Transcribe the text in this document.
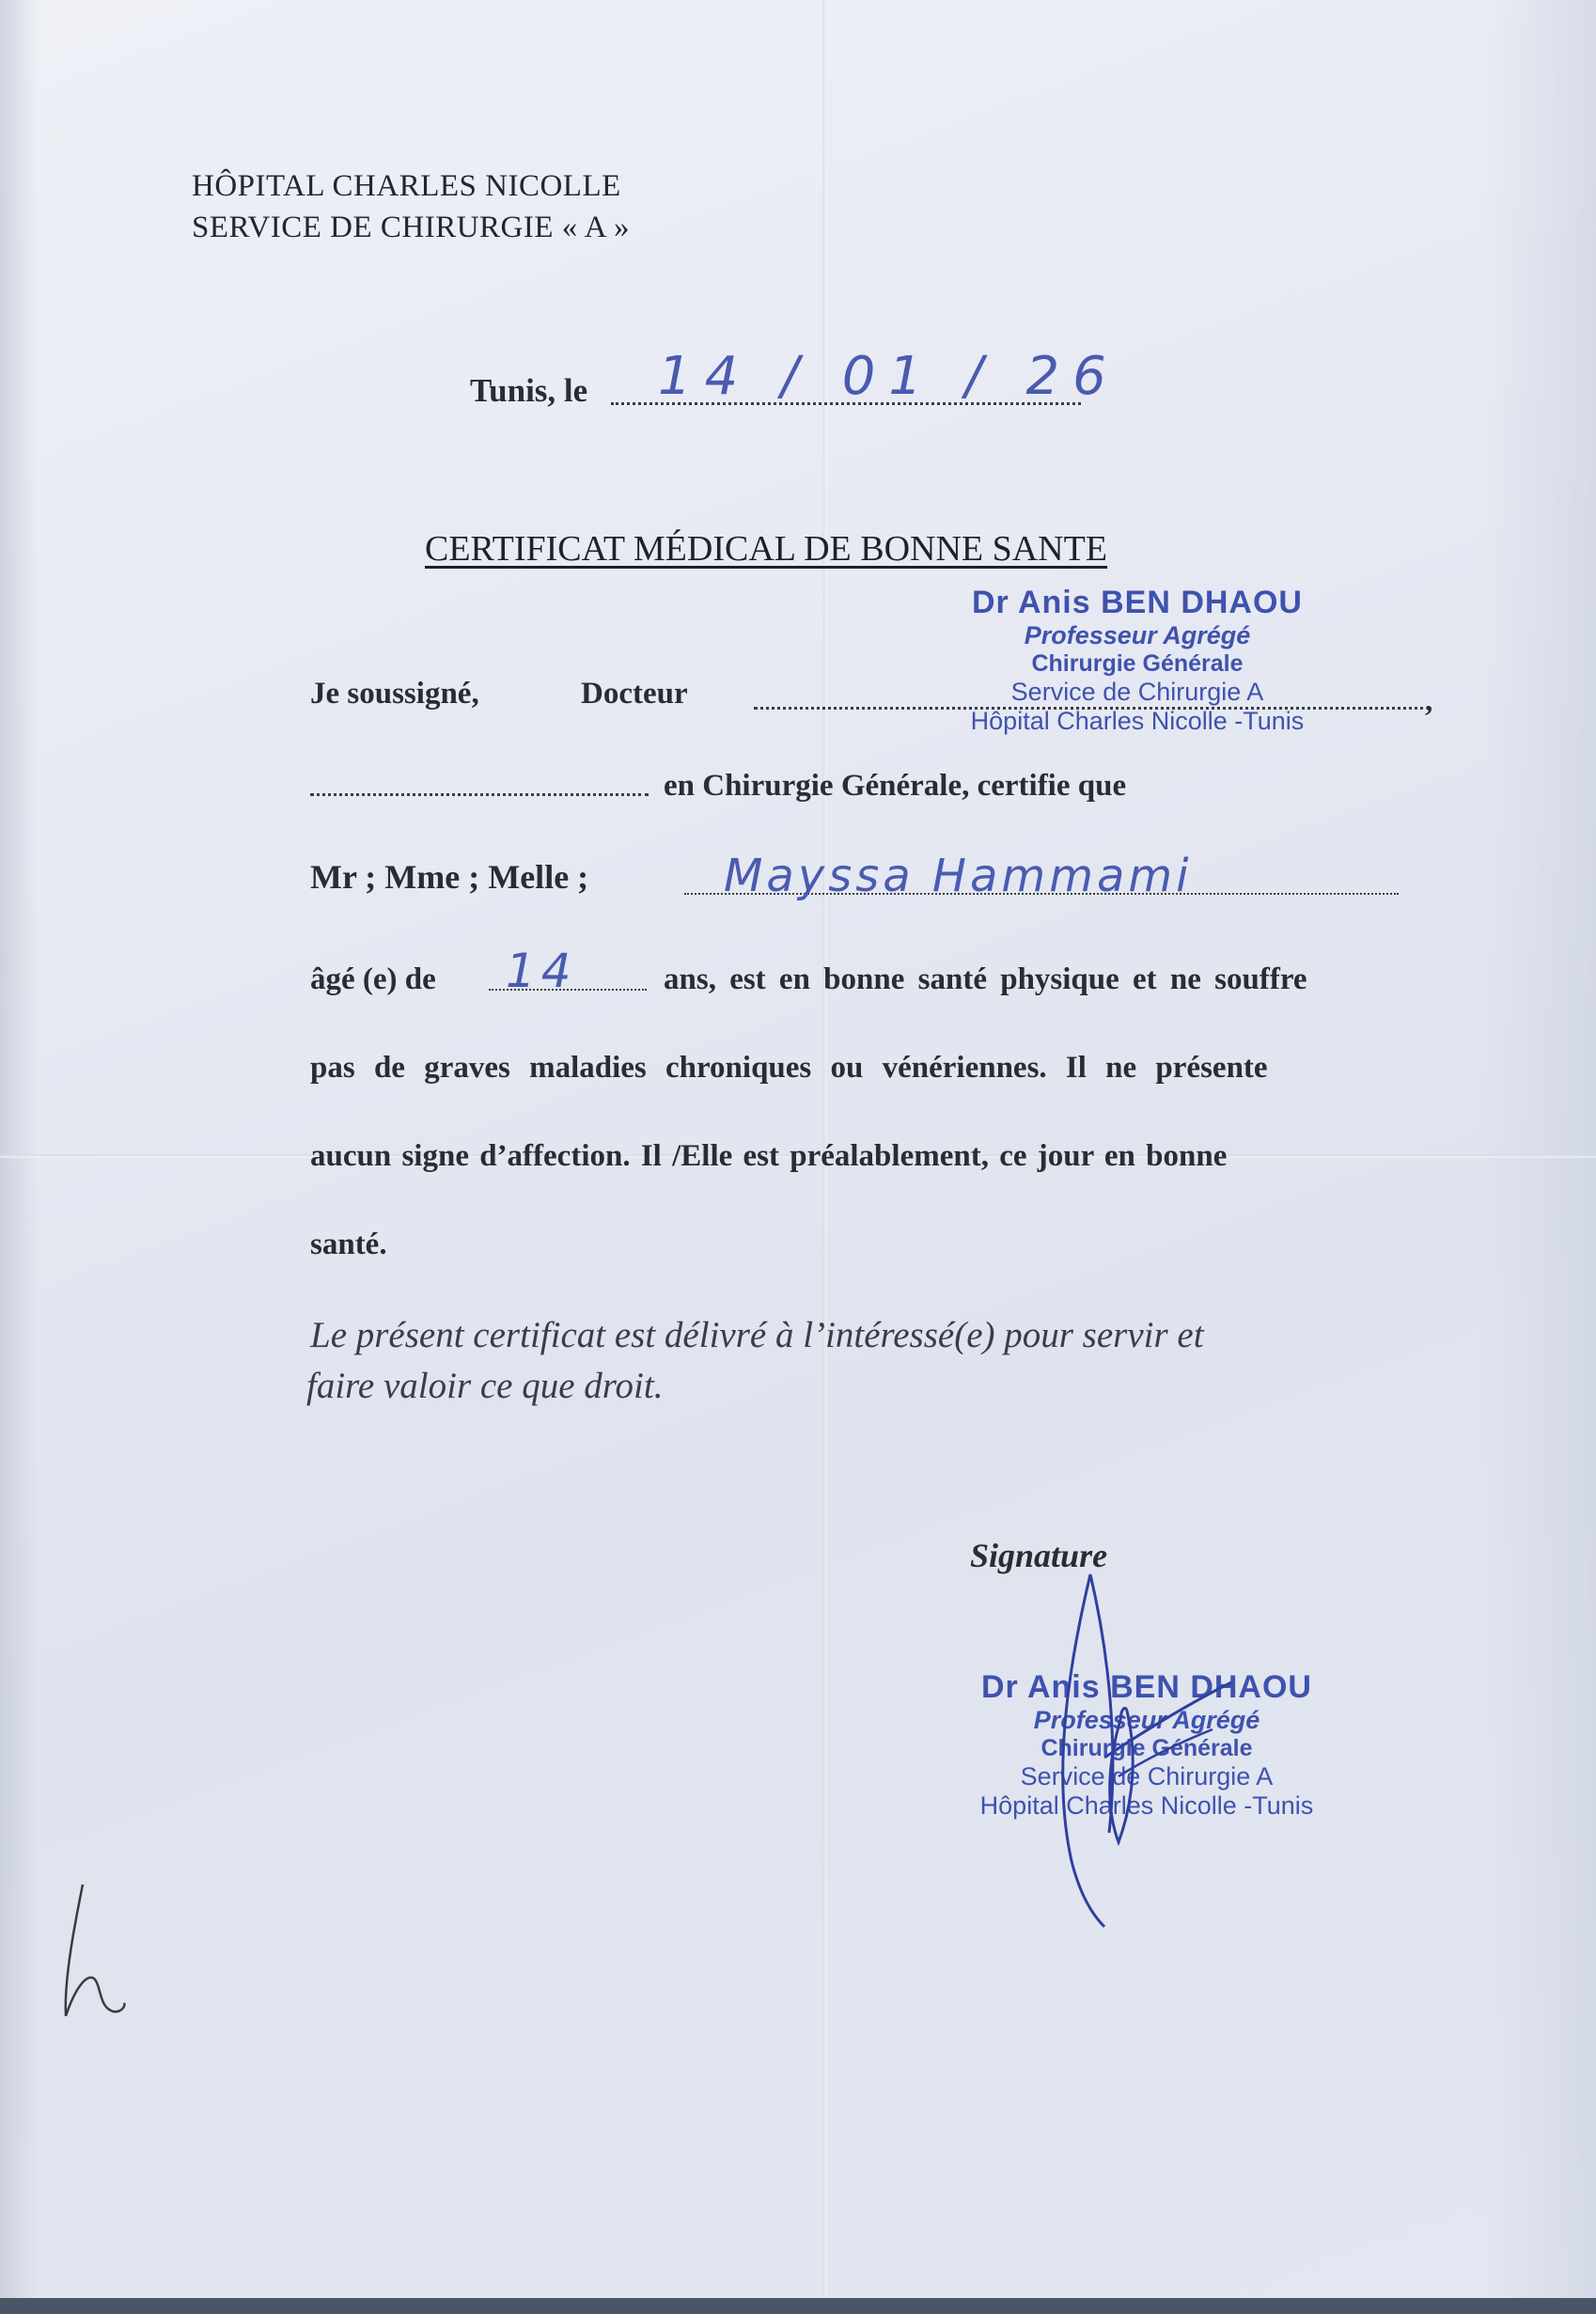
HÔPITAL CHARLES NICOLLE
SERVICE DE CHIRURGIE « A »
Tunis, le 14 / 01 / 26
CERTIFICAT MÉDICAL DE BONNE SANTE
Dr Anis BEN DHAOU
Professeur Agrégé
Chirurgie Générale
Service de Chirurgie A
Hôpital Charles Nicolle -Tunis
Je soussigné,	Docteur	,
en Chirurgie Générale, certifie que
Mr ; Mme ; Melle ;	Mayssa Hammami
âgé (e) de 14	ans, est en bonne santé physique et ne souffre
pas de graves maladies chroniques ou vénériennes. Il ne présente
aucun signe d’affection. Il /Elle est préalablement, ce jour en bonne
santé.
Le présent certificat est délivré à l’intéressé(e) pour servir et
faire valoir ce que droit.
Signature
Dr Anis BEN DHAOU
Professeur Agrégé
Chirurgie Générale
Service de Chirurgie A
Hôpital Charles Nicolle -Tunis
